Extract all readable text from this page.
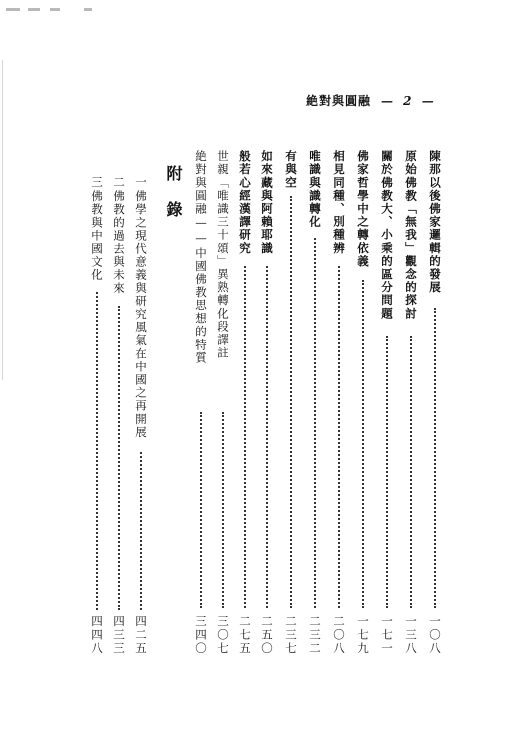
絶對與圓融 — 2 —
陳那以後佛家邏輯的發展
一〇八
原始佛教「無我」觀念的探討
一三八
關於佛教大、小乘的區分問題
一七一
佛家哲學中之轉依義
一七九
相見同種、別種辨
二〇八
唯識與識轉化
二三二
有與空
二三七
如來藏與阿賴耶識
二五〇
般若心經漢譯研究
二七五
世親「唯識三十頌」異熟轉化段譯註
三〇七
絶對與圓融——中國佛教思想的特質
三四〇
附錄
一
佛學之現代意義與研究風氣在中國之再開展
四二五
二
佛教的過去與未來
四三三
三
佛教與中國文化
四四八
